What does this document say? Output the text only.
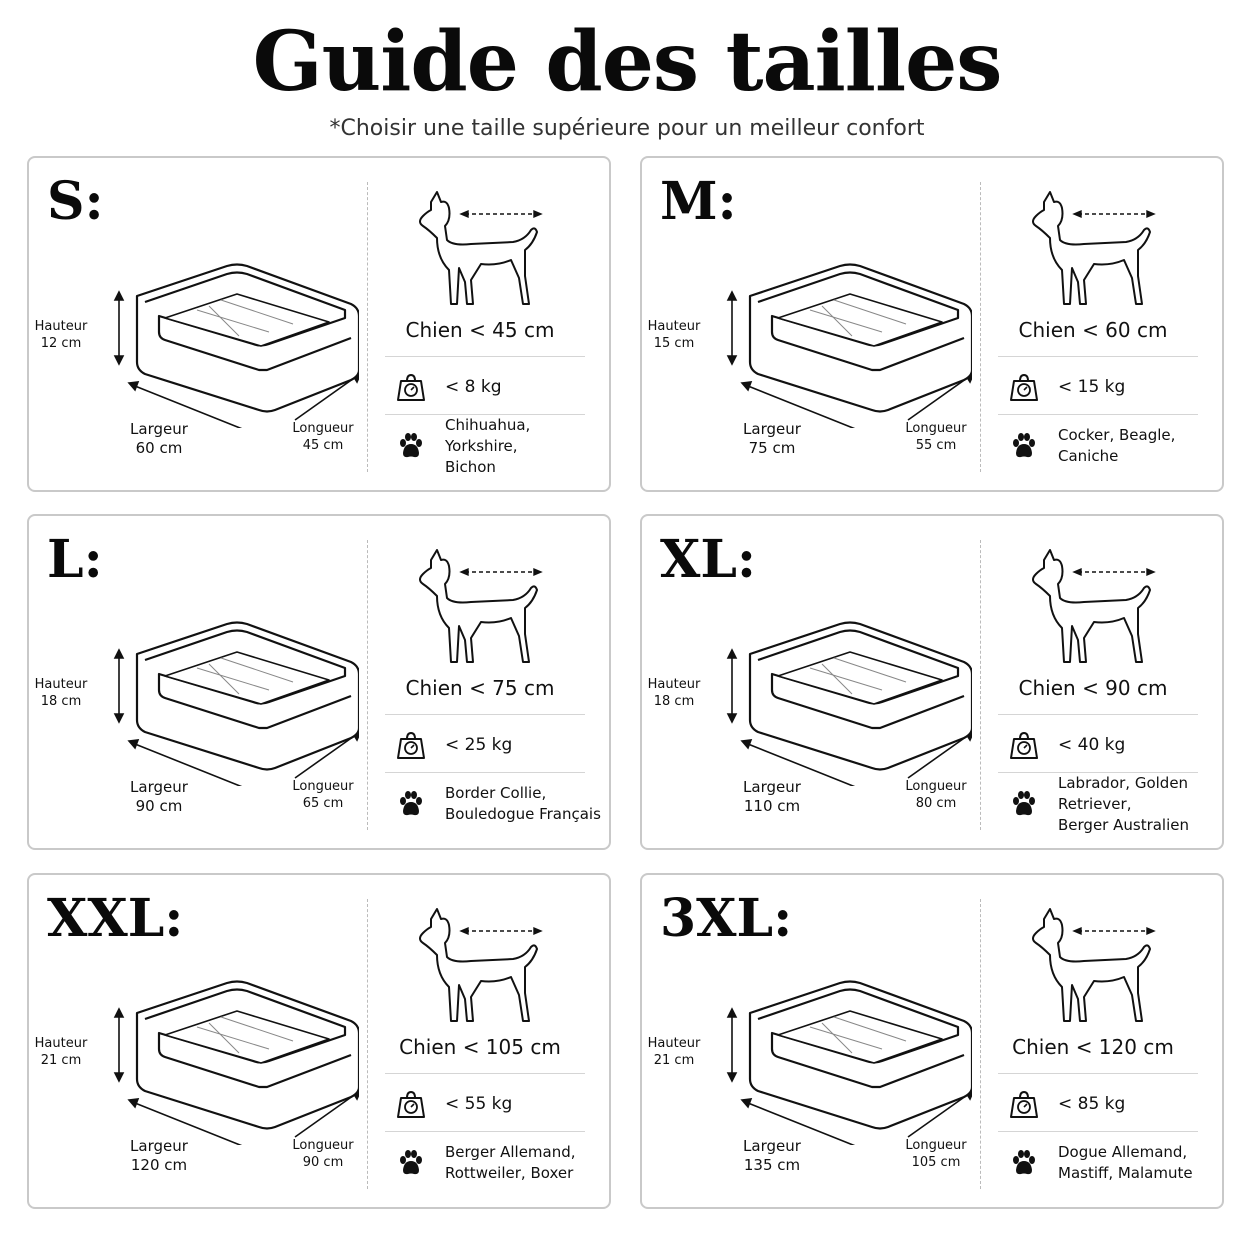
Guide des tailles
*Choisir une taille supérieure pour un meilleur confort
S:
Hauteur
12 cm
Largeur
60 cm
Longueur
45 cm
Chien < 45 cm
< 8 kg
Chihuahua, Yorkshire,
Bichon
M:
Hauteur
15 cm
Largeur
75 cm
Longueur
55 cm
Chien < 60 cm
< 15 kg
Cocker, Beagle,
Caniche
L:
Hauteur
18 cm
Largeur
90 cm
Longueur
65 cm
Chien < 75 cm
< 25 kg
Border Collie,
Bouledogue Français
XL:
Hauteur
18 cm
Largeur
110 cm
Longueur
80 cm
Chien < 90 cm
< 40 kg
Labrador, Golden Retriever,
Berger Australien
XXL:
Hauteur
21 cm
Largeur
120 cm
Longueur
90 cm
Chien < 105 cm
< 55 kg
Berger Allemand,
Rottweiler, Boxer
3XL:
Hauteur
21 cm
Largeur
135 cm
Longueur
105 cm
Chien < 120 cm
< 85 kg
Dogue Allemand,
Mastiff, Malamute
